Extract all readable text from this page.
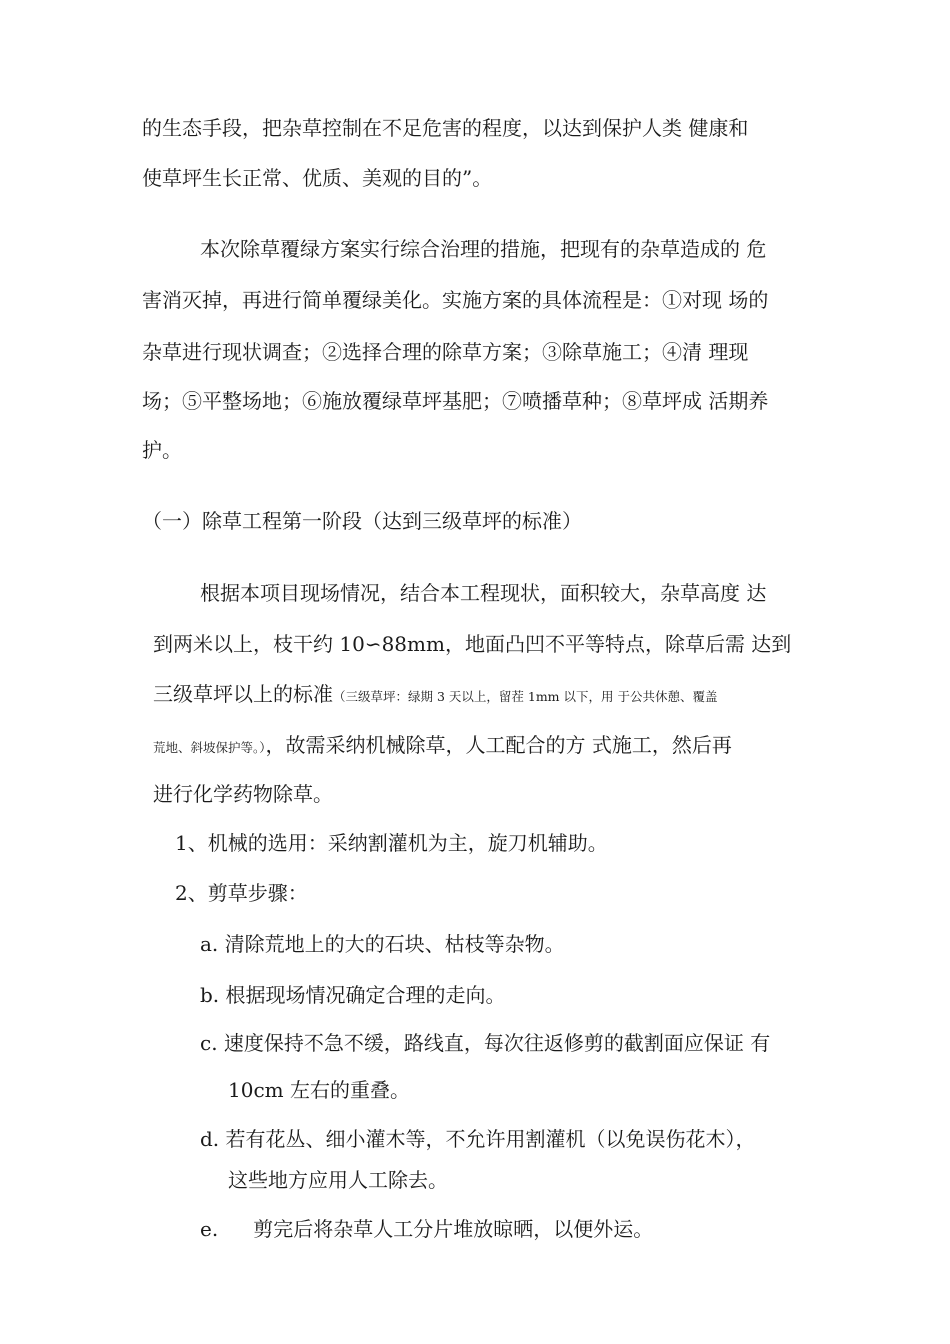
的生态手段，把杂草控制在不足危害的程度，以达到保护人类 健康和
使草坪生长正常、优质、美观的目的”。
本次除草覆绿方案实行综合治理的措施，把现有的杂草造成的 危
害消灭掉，再进行简单覆绿美化。实施方案的具体流程是：①对现 场的
杂草进行现状调查；②选择合理的除草方案；③除草施工；④清 理现
场；⑤平整场地；⑥施放覆绿草坪基肥；⑦喷播草种；⑧草坪成 活期养
护。
（一）除草工程第一阶段（达到三级草坪的标准）
根据本项目现场情况，结合本工程现状，面积较大，杂草高度 达
到两米以上，枝干约 10∽88mm，地面凸凹不平等特点，除草后需 达到
三级草坪以上的标准（三级草坪：绿期 3 天以上，留茬 1mm 以下，用 于公共休憩、覆盖
荒地、斜坡保护等。），故需采纳机械除草，人工配合的方 式施工，然后再
进行化学药物除草。
1、机械的选用：采纳割灌机为主，旋刀机辅助。
2、剪草步骤：
a. 清除荒地上的大的石块、枯枝等杂物。
b. 根据现场情况确定合理的走向。
c. 速度保持不急不缓，路线直，每次往返修剪的截割面应保证 有
10cm 左右的重叠。
d. 若有花丛、细小灌木等，不允许用割灌机（以免误伤花木），
这些地方应用人工除去。
e. 剪完后将杂草人工分片堆放晾晒，以便外运。
